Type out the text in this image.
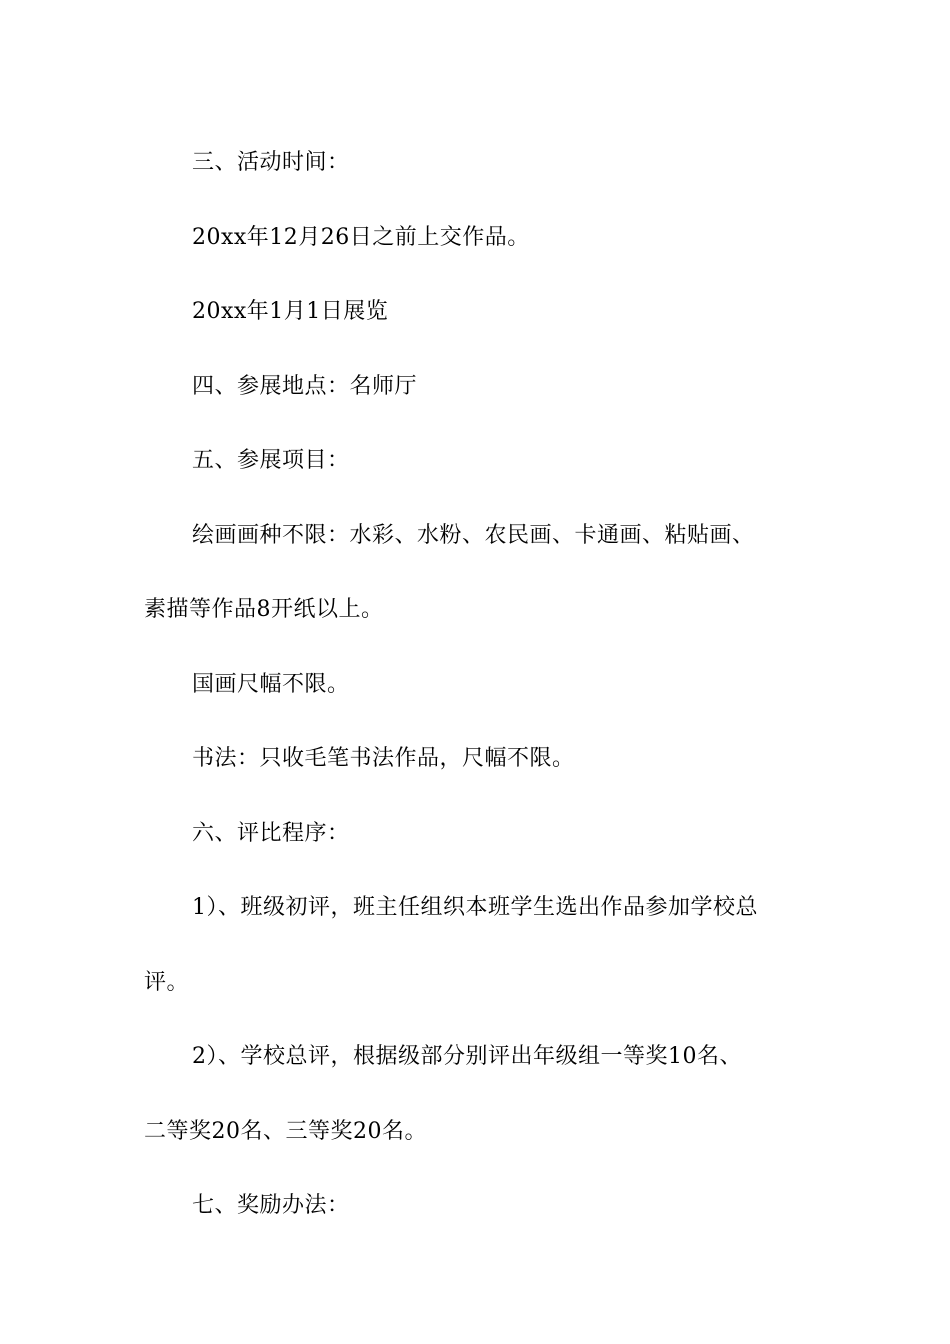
三、活动时间：
20xx年12月26日之前上交作品。
20xx年1月1日展览
四、参展地点：名师厅
五、参展项目：
绘画画种不限：水彩、水粉、农民画、卡通画、粘贴画、
素描等作品8开纸以上。
国画尺幅不限。
书法：只收毛笔书法作品，尺幅不限。
六、评比程序：
1）、班级初评，班主任组织本班学生选出作品参加学校总
评。
2）、学校总评，根据级部分别评出年级组一等奖10名、
二等奖20名、三等奖20名。
七、奖励办法：
